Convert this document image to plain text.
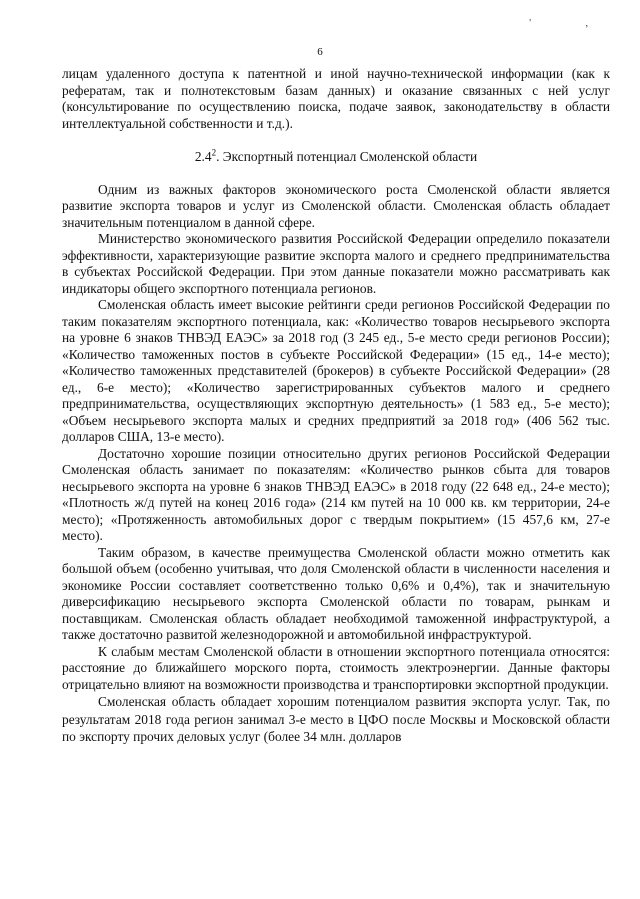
' ,
6

лицам удаленного доступа к патентной и иной научно-технической информации (как к рефератам, так и полнотекстовым базам данных) и оказание связанных с ней услуг (консультирование по осуществлению поиска, подаче заявок, законодательству в области интеллектуальной собственности и т.д.).

$2.4^2$. Экспортный потенциал Смоленской области

Одним из важных факторов экономического роста Смоленской области является развитие экспорта товаров и услуг из Смоленской области. Смоленская область обладает значительным потенциалом в данной сфере.

Министерство экономического развития Российской Федерации определило показатели эффективности, характеризующие развитие экспорта малого и среднего предпринимательства в субъектах Российской Федерации. При этом данные показатели можно рассматривать как индикаторы общего экспортного потенциала регионов.

Смоленская область имеет высокие рейтинги среди регионов Российской Федерации по таким показателям экспортного потенциала, как: «Количество товаров несырьевого экспорта на уровне 6 знаков ТНВЭД ЕАЭС» за 2018 год (3 245 ед., 5-е место среди регионов России); «Количество таможенных постов в субъекте Российской Федерации» (15 ед., 14-е место); «Количество таможенных представителей (брокеров) в субъекте Российской Федерации» (28 ед., 6-е место); «Количество зарегистрированных субъектов малого и среднего предпринимательства, осуществляющих экспортную деятельность» (1 583 ед., 5-е место); «Объем несырьевого экспорта малых и средних предприятий за 2018 год» (406 562 тыс. долларов США, 13-е место).

Достаточно хорошие позиции относительно других регионов Российской Федерации Смоленская область занимает по показателям: «Количество рынков сбыта для товаров несырьевого экспорта на уровне 6 знаков ТНВЭД ЕАЭС» в 2018 году (22 648 ед., 24-е место); «Плотность ж/д путей на конец 2016 года» (214 км путей на 10 000 кв. км территории, 24-е место); «Протяженность автомобильных дорог с твердым покрытием» (15 457,6 км, 27-е место).

Таким образом, в качестве преимущества Смоленской области можно отметить как большой объем (особенно учитывая, что доля Смоленской области в численности населения и экономике России составляет соответственно только 0,6% и 0,4%), так и значительную диверсификацию несырьевого экспорта Смоленской области по товарам, рынкам и поставщикам. Смоленская область обладает необходимой таможенной инфраструктурой, а также достаточно развитой железнодорожной и автомобильной инфраструктурой.

К слабым местам Смоленской области в отношении экспортного потенциала относятся: расстояние до ближайшего морского порта, стоимость электроэнергии. Данные факторы отрицательно влияют на возможности производства и транспортировки экспортной продукции.

Смоленская область обладает хорошим потенциалом развития экспорта услуг. Так, по результатам 2018 года регион занимал 3-е место в ЦФО после Москвы и Московской области по экспорту прочих деловых услуг (более 34 млн. долларов
